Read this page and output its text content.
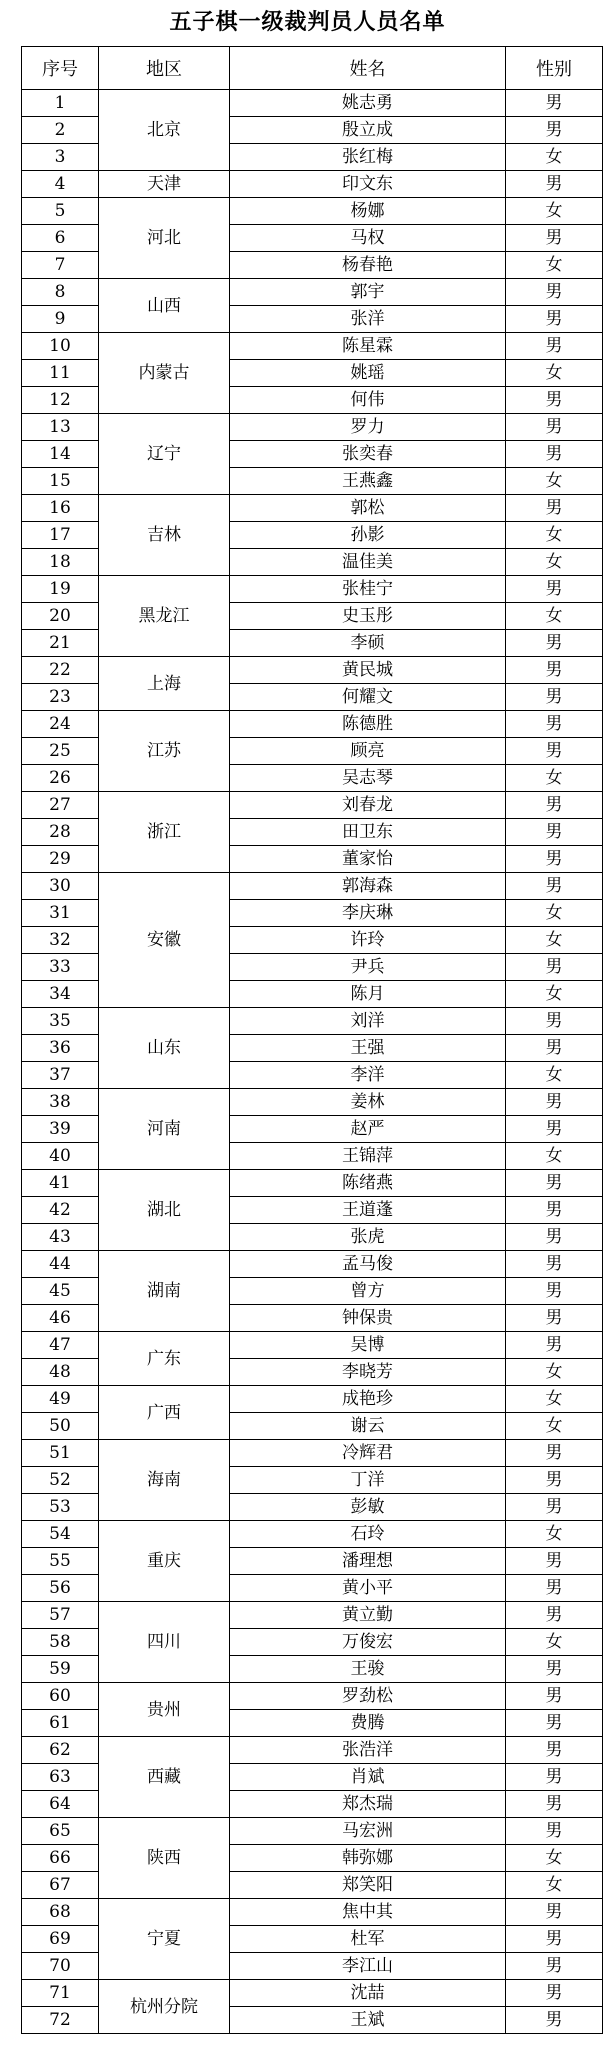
五子棋一级裁判员人员名单
序号	地区	姓名	性别
1	北京	姚志勇	男
2		殷立成	男
3		张红梅	女
4	天津	印文东	男
5	河北	杨娜	女
6		马权	男
7		杨春艳	女
8	山西	郭宇	男
9		张洋	男
10	内蒙古	陈星霖	男
11		姚瑶	女
12		何伟	男
13	辽宁	罗力	男
14		张奕春	男
15		王燕鑫	女
16	吉林	郭松	男
17		孙影	女
18		温佳美	女
19	黑龙江	张桂宁	男
20		史玉彤	女
21		李硕	男
22	上海	黄民城	男
23		何耀文	男
24	江苏	陈德胜	男
25		顾亮	男
26		吴志琴	女
27	浙江	刘春龙	男
28		田卫东	男
29		董家怡	男
30	安徽	郭海森	男
31		李庆琳	女
32		许玲	女
33		尹兵	男
34		陈月	女
35	山东	刘洋	男
36		王强	男
37		李洋	女
38	河南	姜林	男
39		赵严	男
40		王锦萍	女
41	湖北	陈绪燕	男
42		王道蓬	男
43		张虎	男
44	湖南	孟马俊	男
45		曾方	男
46		钟保贵	男
47	广东	吴博	男
48		李晓芳	女
49	广西	成艳珍	女
50		谢云	女
51	海南	冷辉君	男
52		丁洋	男
53		彭敏	男
54	重庆	石玲	女
55		潘理想	男
56		黄小平	男
57	四川	黄立勤	男
58		万俊宏	女
59		王骏	男
60	贵州	罗劲松	男
61		费腾	男
62	西藏	张浩洋	男
63		肖斌	男
64		郑杰瑞	男
65	陕西	马宏洲	男
66		韩弥娜	女
67		郑笑阳	女
68	宁夏	焦中其	男
69		杜军	男
70		李江山	男
71	杭州分院	沈喆	男
72		王斌	男
